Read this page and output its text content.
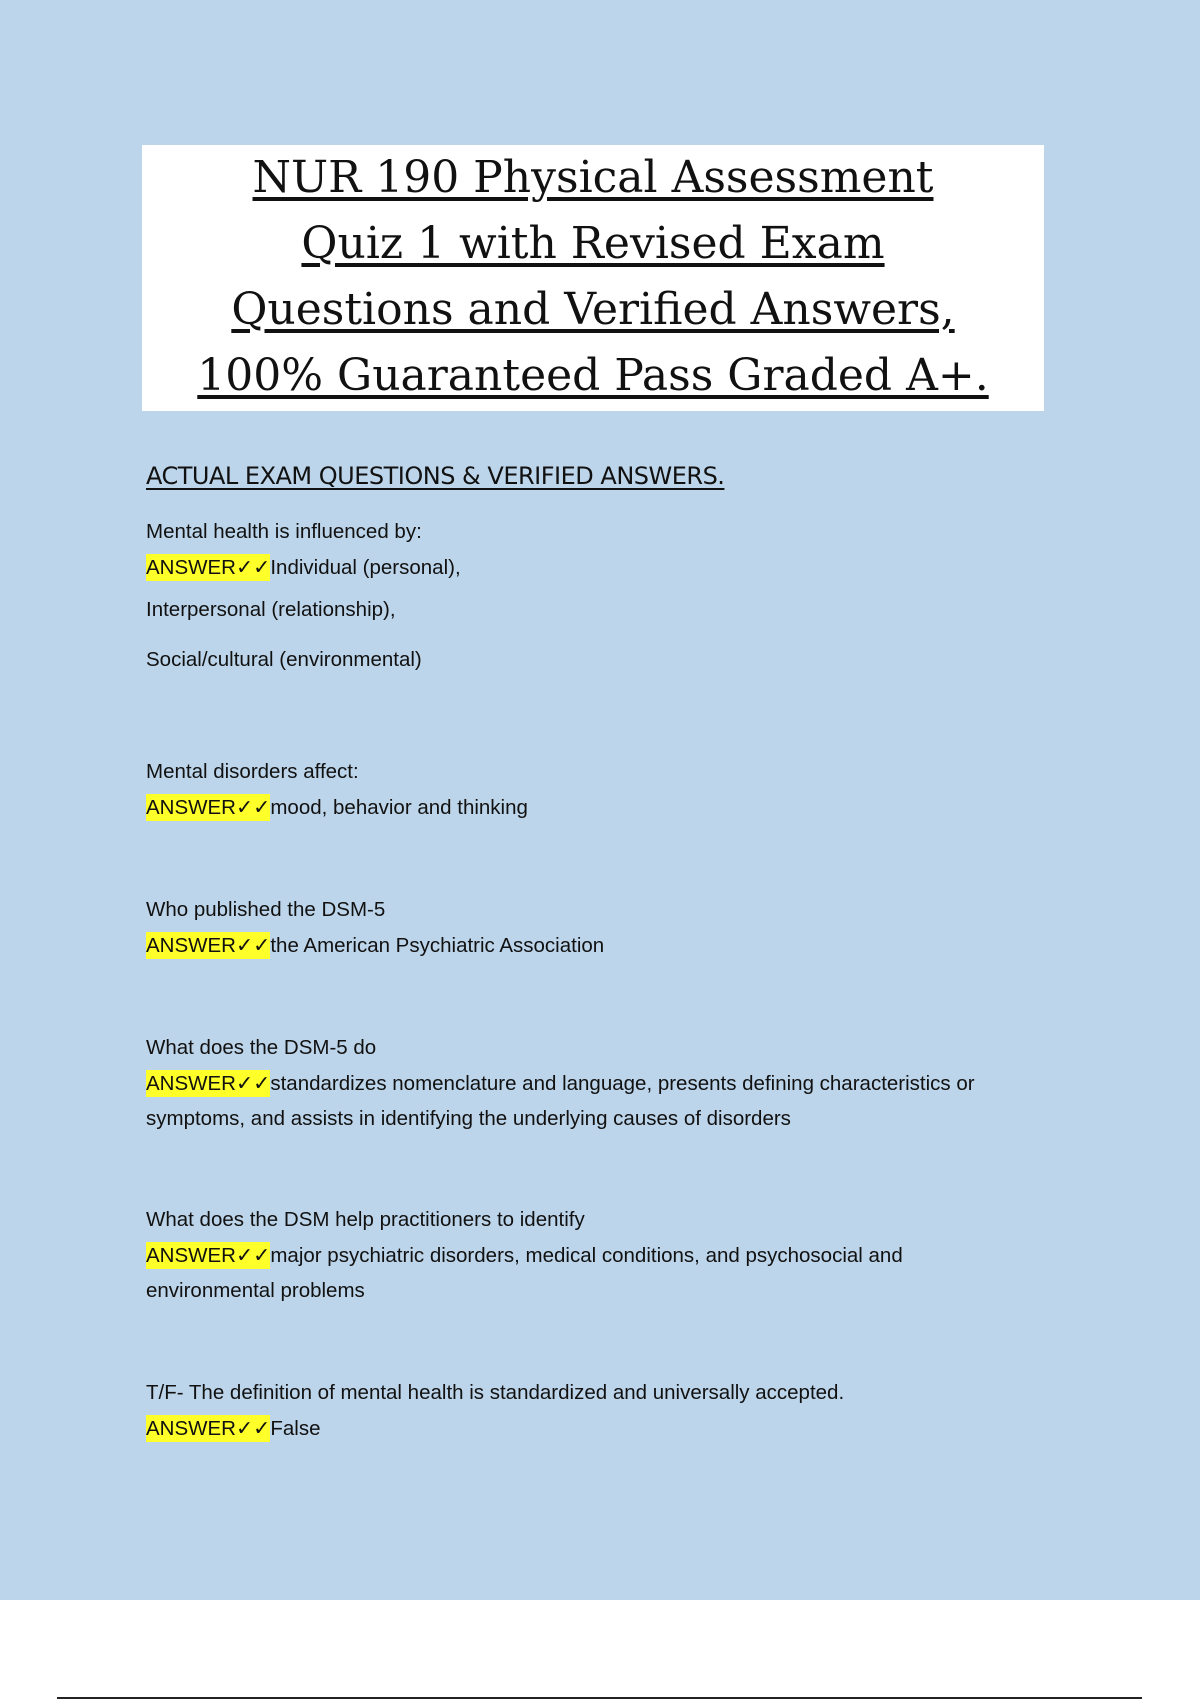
NUR 190 Physical Assessment
Quiz 1 with Revised Exam
Questions and Verified Answers,
100% Guaranteed Pass Graded A+.
ACTUAL EXAM QUESTIONS & VERIFIED ANSWERS.
Mental health is influenced by:
ANSWER✓✓Individual (personal),
Interpersonal (relationship),
Social/cultural (environmental)
Mental disorders affect:
ANSWER✓✓mood, behavior and thinking
Who published the DSM-5
ANSWER✓✓the American Psychiatric Association
What does the DSM-5 do
ANSWER✓✓standardizes nomenclature and language, presents defining characteristics or
symptoms, and assists in identifying the underlying causes of disorders
What does the DSM help practitioners to identify
ANSWER✓✓major psychiatric disorders, medical conditions, and psychosocial and
environmental problems
T/F- The definition of mental health is standardized and universally accepted.
ANSWER✓✓False
